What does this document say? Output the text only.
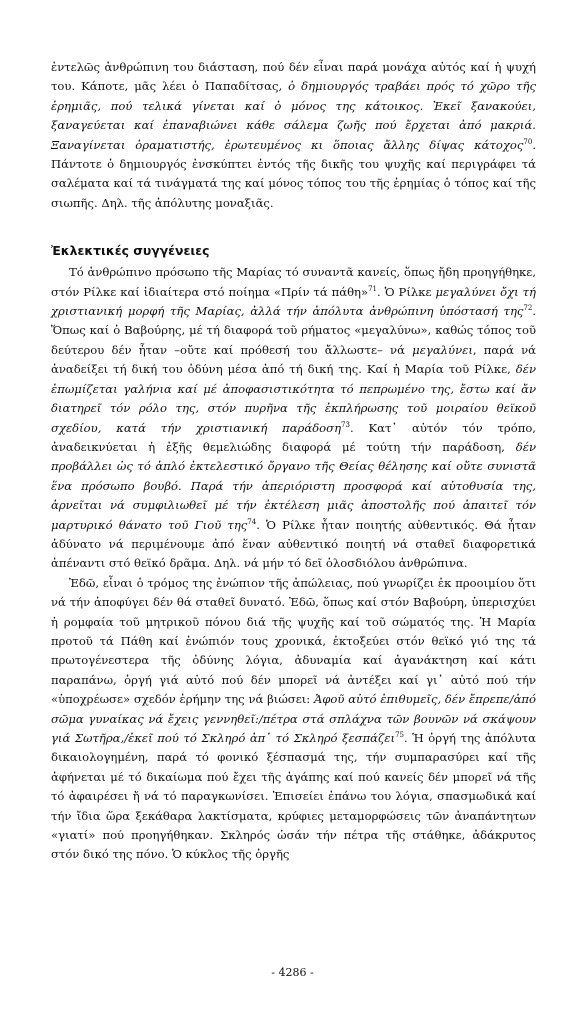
ἐντελῶς ἀνθρώπινη του διάσταση, πού δέν εἶναι παρά μονάχα αὐτός καί ἡ ψυχή του. Κάποτε, μᾶς λέει ὁ Παπαδίτσας, ὁ δημιουργός τραβάει πρός τό χῶρο τῆς ἐρημιᾶς, πού τελικά γίνεται καί ὁ μόνος της κάτοικος. Ἐκεῖ ξανακούει, ξαναγεύεται καί ἐπαναβιώνει κάθε σάλεμα ζωῆς πού ἔρχεται ἀπό μακριά. Ξαναγίνεται ὁραματιστής, ἐρωτευμένος κι ὅποιας ἄλλης δίψας κάτοχος$^{70}$. Πάντοτε ὁ δημιουργός ἐνσκύπτει ἐντός τῆς δικῆς του ψυχῆς καί περιγράφει τά σαλέματα καί τά τινάγματά της καί μόνος τόπος του τῆς ἐρημίας ὁ τόπος καί τῆς σιωπῆς. Δηλ. τῆς ἀπόλυτης μοναξιᾶς.

Ἐκλεκτικές συγγένειες

Τό ἀνθρώπινο πρόσωπο τῆς Μαρίας τό συναντᾶ κανείς, ὅπως ἤδη προηγήθηκε, στόν Ρίλκε καί ἰδιαίτερα στό ποίημα «Πρίν τά πάθη»$^{71}$. Ὁ Ρίλκε μεγαλύνει ὄχι τή χριστιανική μορφή τῆς Μαρίας, ἀλλά τήν ἀπόλυτα ἀνθρώπινη ὑπόστασή της$^{72}$. Ὅπως καί ὁ Βαβούρης, μέ τή διαφορά τοῦ ρήματος «μεγαλύνω», καθώς τόπος τοῦ δεύτερου δέν ἦταν –οὔτε καί πρόθεσή του ἄλλωστε– νά μεγαλύνει, παρά νά ἀναδείξει τή δική του ὀδύνη μέσα ἀπό τή δική της. Καί ἡ Μαρία τοῦ Ρίλκε, δέν ἐπωμίζεται γαλήνια καί μέ ἀποφασιστικότητα τό πεπρωμένο της, ἔστω καί ἄν διατηρεῖ τόν ρόλο της, στόν πυρῆνα τῆς ἐκπλήρωσης τοῦ μοιραίου θεϊκοῦ σχεδίου, κατά τήν χριστιανική παράδοση$^{73}$. Κατ᾿ αὐτόν τόν τρόπο, ἀναδεικνύεται ἡ ἐξῆς θεμελιώδης διαφορά μέ τούτη τήν παράδοση, δέν προβάλλει ὡς τό ἁπλό ἐκτελεστικό ὄργανο τῆς Θείας θέλησης καί οὔτε συνιστᾶ ἕνα πρόσωπο βουβό. Παρά τήν ἀπεριόριστη προσφορά καί αὐτοθυσία της, ἀρνεῖται νά συμφιλιωθεῖ μέ τήν ἐκτέλεση μιᾶς ἀποστολῆς πού ἀπαιτεῖ τόν μαρτυρικό θάνατο τοῦ Γιοῦ της$^{74}$. Ὁ Ρίλκε ἦταν ποιητής αὐθεντικός. Θά ἦταν ἀδύνατο νά περιμένουμε ἀπό ἕναν αὐθεντικό ποιητή νά σταθεῖ διαφορετικά ἀπέναντι στό θεϊκό δρᾶμα. Δηλ. νά μήν τό δεῖ ὁλοσδιόλου ἀνθρώπινα.

Ἐδῶ, εἶναι ὁ τρόμος της ἐνώπιον τῆς ἀπώλειας, πού γνωρίζει ἐκ προοιμίου ὅτι νά τήν ἀποφύγει δέν θά σταθεῖ δυνατό. Ἐδῶ, ὅπως καί στόν Βαβούρη, ὑπερισχύει ἡ ρομφαία τοῦ μητρικοῦ πόνου διά τῆς ψυχῆς καί τοῦ σώματός της. Ἡ Μαρία προτοῦ τά Πάθη καί ἐνώπιόν τους χρονικά, ἐκτοξεύει στόν θεϊκό γιό της τά πρωτογένεστερα τῆς ὀδύνης λόγια, ἀδυναμία καί ἀγανάκτηση καί κάτι παραπάνω, ὀργή γιά αὐτό πού δέν μπορεῖ νά ἀντέξει καί γι᾿ αὐτό πού τήν «ὑποχρέωσε» σχεδόν ἐρήμην της νά βιώσει: Ἀφοῦ αὐτό ἐπιθυμεῖς, δέν ἔπρεπε/ἀπό σῶμα γυναίκας νά ἔχεις γεννηθεῖ:/πέτρα στά σπλάχνα τῶν βουνῶν νά σκάψουν γιά Σωτῆρα,/ἐκεῖ πού τό Σκληρό ἀπ᾿ τό Σκληρό ξεσπάζει$^{75}$. Ἡ ὀργή της ἀπόλυτα δικαιολογημένη, παρά τό φονικό ξέσπασμά της, τήν συμπαρασύρει καί τῆς ἀφήνεται μέ τό δικαίωμα πού ἔχει τῆς ἀγάπης καί πού κανείς δέν μπορεῖ νά τῆς τό ἀφαιρέσει ἤ νά τό παραγκωνίσει. Ἐπισείει ἐπάνω του λόγια, σπασμωδικά καί τήν ἴδια ὥρα ξεκάθαρα λακτίσματα, κρύφιες μεταμορφώσεις τῶν ἀναπάντητων «γιατί» πού προηγήθηκαν. Σκληρός ὡσάν τήν πέτρα τῆς στάθηκε, ἀδάκρυτος στόν δικό της πόνο. Ὁ κύκλος τῆς ὀργῆς

- 4286 -
